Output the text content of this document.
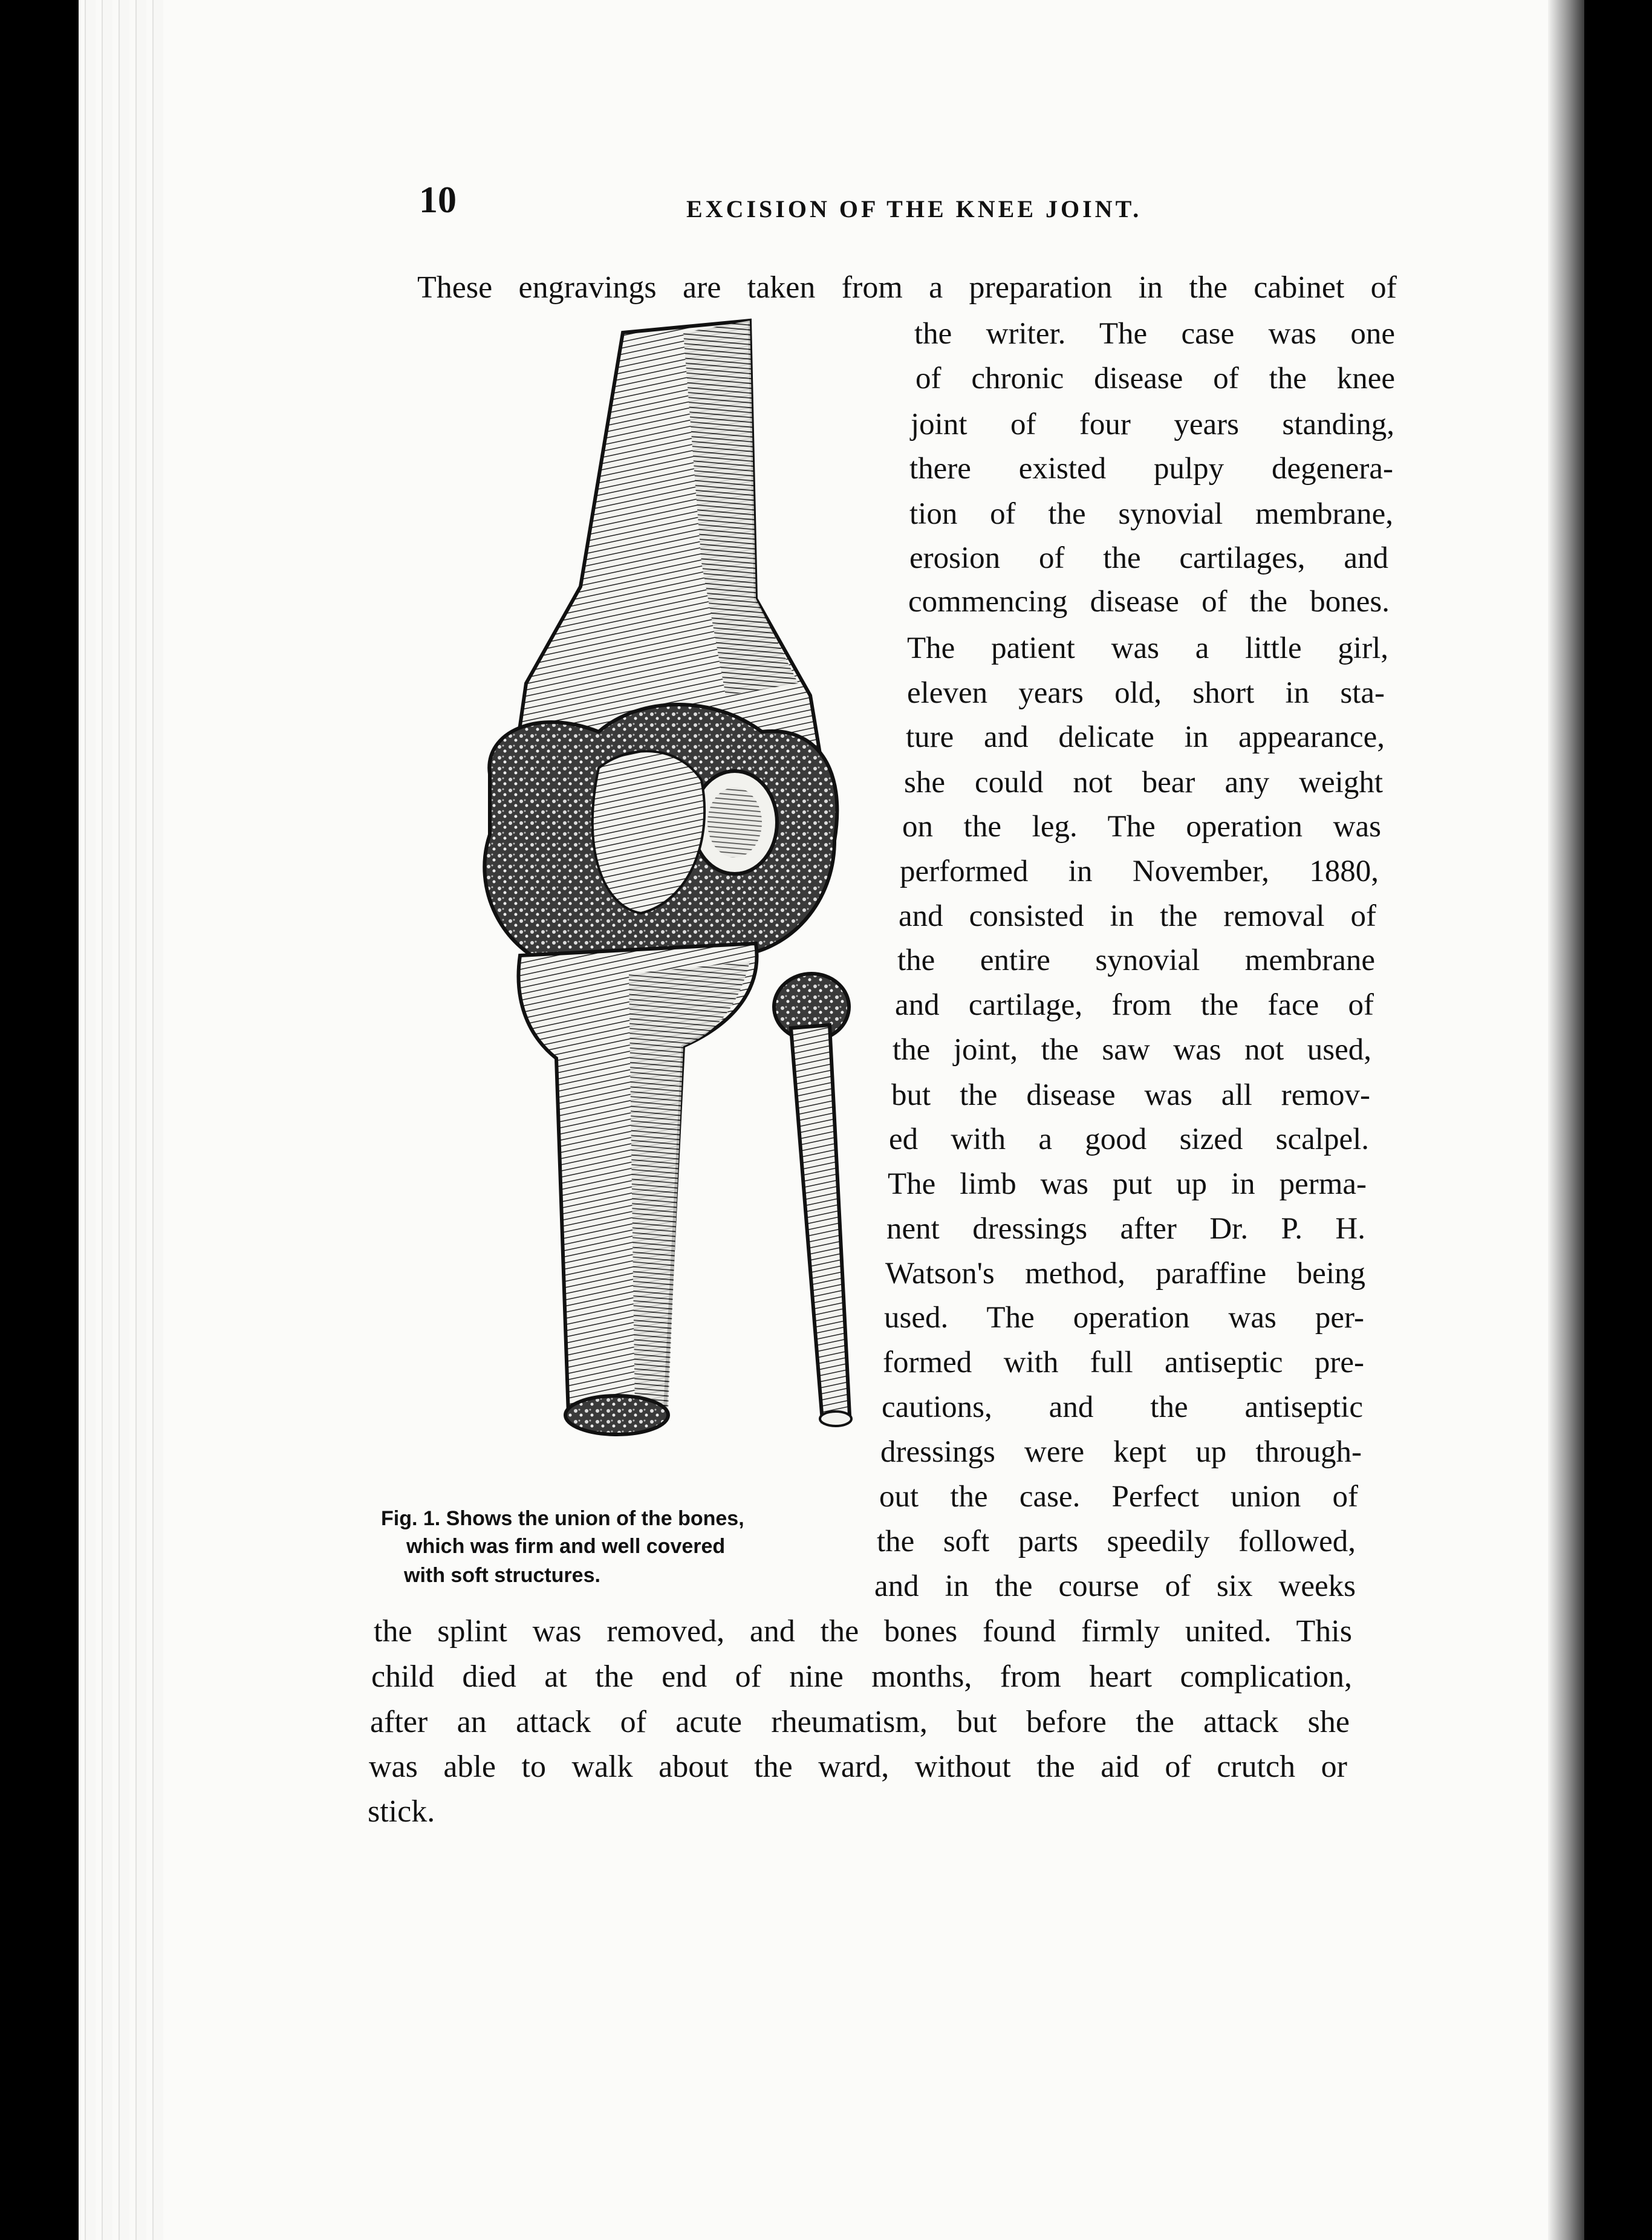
10	EXCISION OF THE KNEE JOINT.
These engravings are taken from a preparation in the cabinet of
the writer. The case was one
of chronic disease of the knee
joint of four years standing,
there existed pulpy degenera-
tion of the synovial membrane,
erosion of the cartilages, and
commencing disease of the bones.
The patient was a little girl,
eleven years old, short in sta-
ture and delicate in appearance,
she could not bear any weight
on the leg. The operation was
performed in November, 1880,
and consisted in the removal of
the entire synovial membrane
and cartilage, from the face of
the joint, the saw was not used,
but the disease was all remov-
ed with a good sized scalpel.
The limb was put up in perma-
nent dressings after Dr. P. H.
Watson's method, paraffine being
used. The operation was per-
formed with full antiseptic pre-
cautions, and the antiseptic
dressings were kept up through-
out the case. Perfect union of
the soft parts speedily followed,
and in the course of six weeks
the splint was removed, and the bones found firmly united. This
child died at the end of nine months, from heart complication,
after an attack of acute rheumatism, but before the attack she
was able to walk about the ward, without the aid of crutch or
stick.
Fig. 1. Shows the union of the bones,
which was firm and well covered
with soft structures.
